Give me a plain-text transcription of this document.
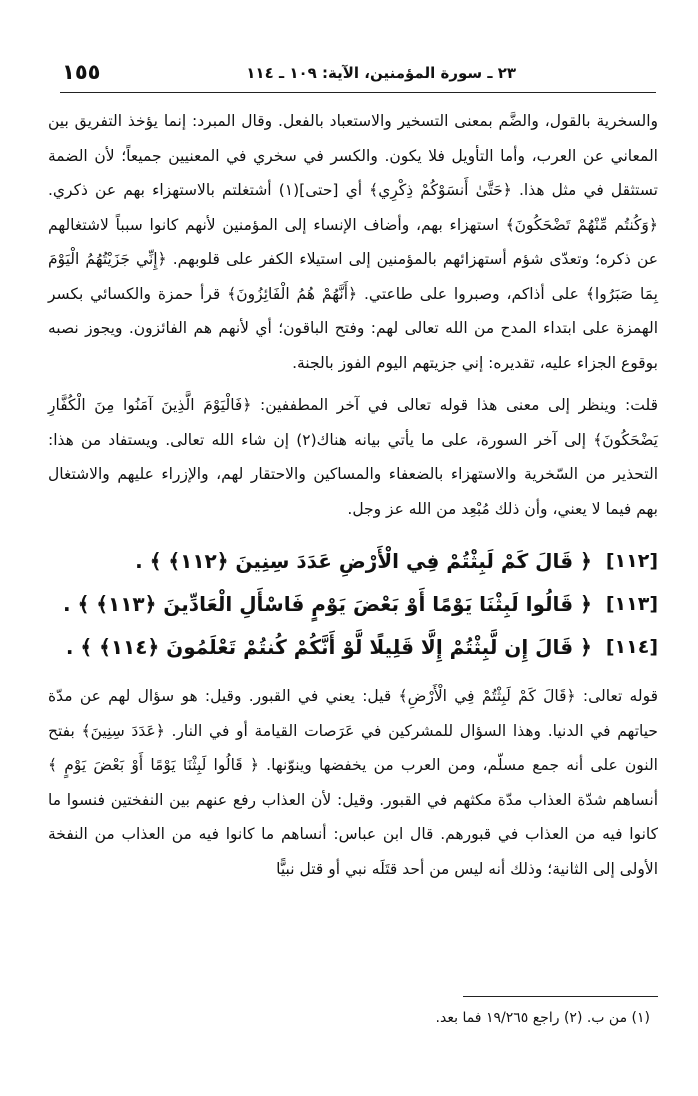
١٥٥	٢٣ ـ سورة المؤمنين، الآية: ١٠٩ ـ ١١٤

والسخرية بالقول، والضَّم بمعنى التسخير والاستعباد بالفعل. وقال المبرد: إنما يؤخذ التفريق بين المعاني عن العرب، وأما التأويل فلا يكون. والكسر في سخري في المعنيين جميعاً؛ لأن الضمة تستثقل في مثل هذا. ﴿حَتَّىٰ أَنسَوْكُمْ ذِكْرِي﴾ أي [حتى](١) أشتغلتم بالاستهزاء بهم عن ذكري. ﴿وَكُنتُم مِّنْهُمْ تَضْحَكُونَ﴾ استهزاء بهم، وأضاف الإنساء إلى المؤمنين لأنهم كانوا سبباً لاشتغالهم عن ذكره؛ وتعدّى شؤم أستهزائهم بالمؤمنين إلى استيلاء الكفر على قلوبهم. ﴿إِنِّي جَزَيْتُهُمُ الْيَوْمَ بِمَا صَبَرُوا﴾ على أذاكم، وصبروا على طاعتي. ﴿أَنَّهُمْ هُمُ الْفَائِزُونَ﴾ قرأ حمزة والكسائي بكسر الهمزة على ابتداء المدح من الله تعالى لهم: وفتح الباقون؛ أي لأنهم هم الفائزون. ويجوز نصبه بوقوع الجزاء عليه، تقديره: إني جزيتهم اليوم الفوز بالجنة.

قلت: وينظر إلى معنى هذا قوله تعالى في آخر المطففين: ﴿فَالْيَوْمَ الَّذِينَ آمَنُوا مِنَ الْكُفَّارِ يَضْحَكُونَ﴾ إلى آخر السورة، على ما يأتي بيانه هناك(٢) إن شاء الله تعالى. ويستفاد من هذا: التحذير من السّخرية والاستهزاء بالضعفاء والمساكين والاحتقار لهم، والإزراء عليهم والاشتغال بهم فيما لا يعني، وأن ذلك مُبْعِد من الله عز وجل.

[١١٢]
﴿ قَالَ كَمْ لَبِثْتُمْ فِي الْأَرْضِ عَدَدَ سِنِينَ ﴿١١٢﴾ ﴾ .
[١١٣]
﴿ قَالُوا لَبِثْنَا يَوْمًا أَوْ بَعْضَ يَوْمٍ فَاسْأَلِ الْعَادِّينَ ﴿١١٣﴾ ﴾ .
[١١٤]
﴿ قَالَ إِن لَّبِثْتُمْ إِلَّا قَلِيلًا لَّوْ أَنَّكُمْ كُنتُمْ تَعْلَمُونَ ﴿١١٤﴾ ﴾ .

قوله تعالى: ﴿قَالَ كَمْ لَبِثْتُمْ فِي الْأَرْضِ﴾ قيل: يعني في القبور. وقيل: هو سؤال لهم عن مدّة حياتهم في الدنيا. وهذا السؤال للمشركين في عَرَصات القيامة أو في النار. ﴿عَدَدَ سِنِينَ﴾ بفتح النون على أنه جمع مسلّم، ومن العرب من يخفضها وينوّنها. ﴿ قَالُوا لَبِثْنَا يَوْمًا أَوْ بَعْضَ يَوْمٍ ﴾ أنساهم شدّة العذاب مدّة مكثهم في القبور. وقيل: لأن العذاب رفع عنهم بين النفختين فنسوا ما كانوا فيه من العذاب في قبورهم. قال ابن عباس: أنساهم ما كانوا فيه من العذاب من النفخة الأولى إلى الثانية؛ وذلك أنه ليس من أحد قتَلَه نبي أو قتل نبيًّا

(١) من ب. (٢) راجع ١٩/٢٦٥ فما بعد.
